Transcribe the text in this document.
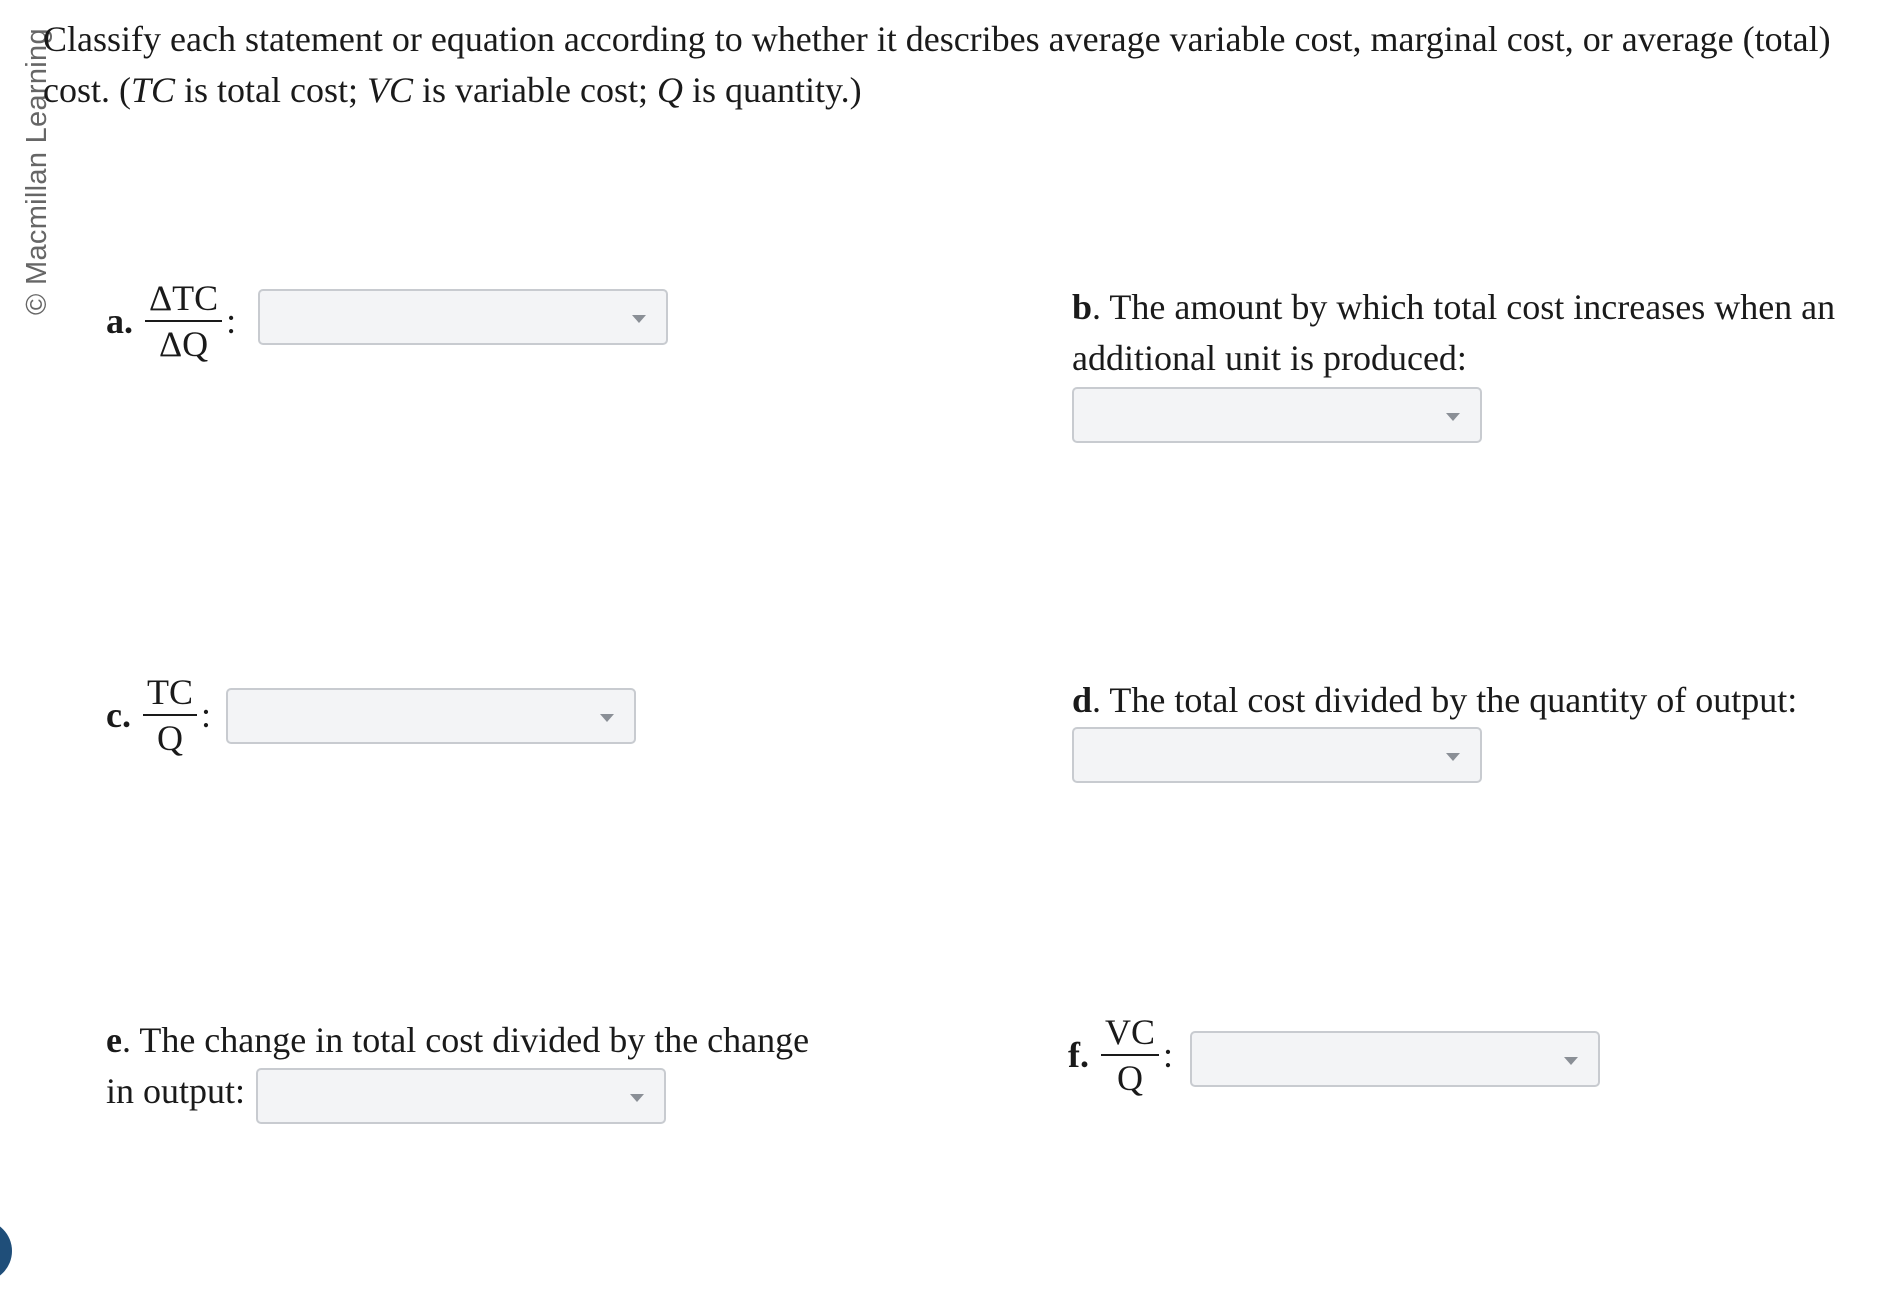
© Macmillan Learning
Classify each statement or equation according to whether it describes average variable cost, marginal cost, or average (total) cost. (TC is total cost; VC is variable cost; Q is quantity.)
a. $\frac{\text{ΔTC}}{\Delta Q}$ :	b. The amount by which total cost increases when an additional unit is produced:
c. $\frac{TC}{Q}$ :	d. The total cost divided by the quantity of output:
e. The change in total cost divided by the change in output:
f. $\frac{VC}{Q}$ :
